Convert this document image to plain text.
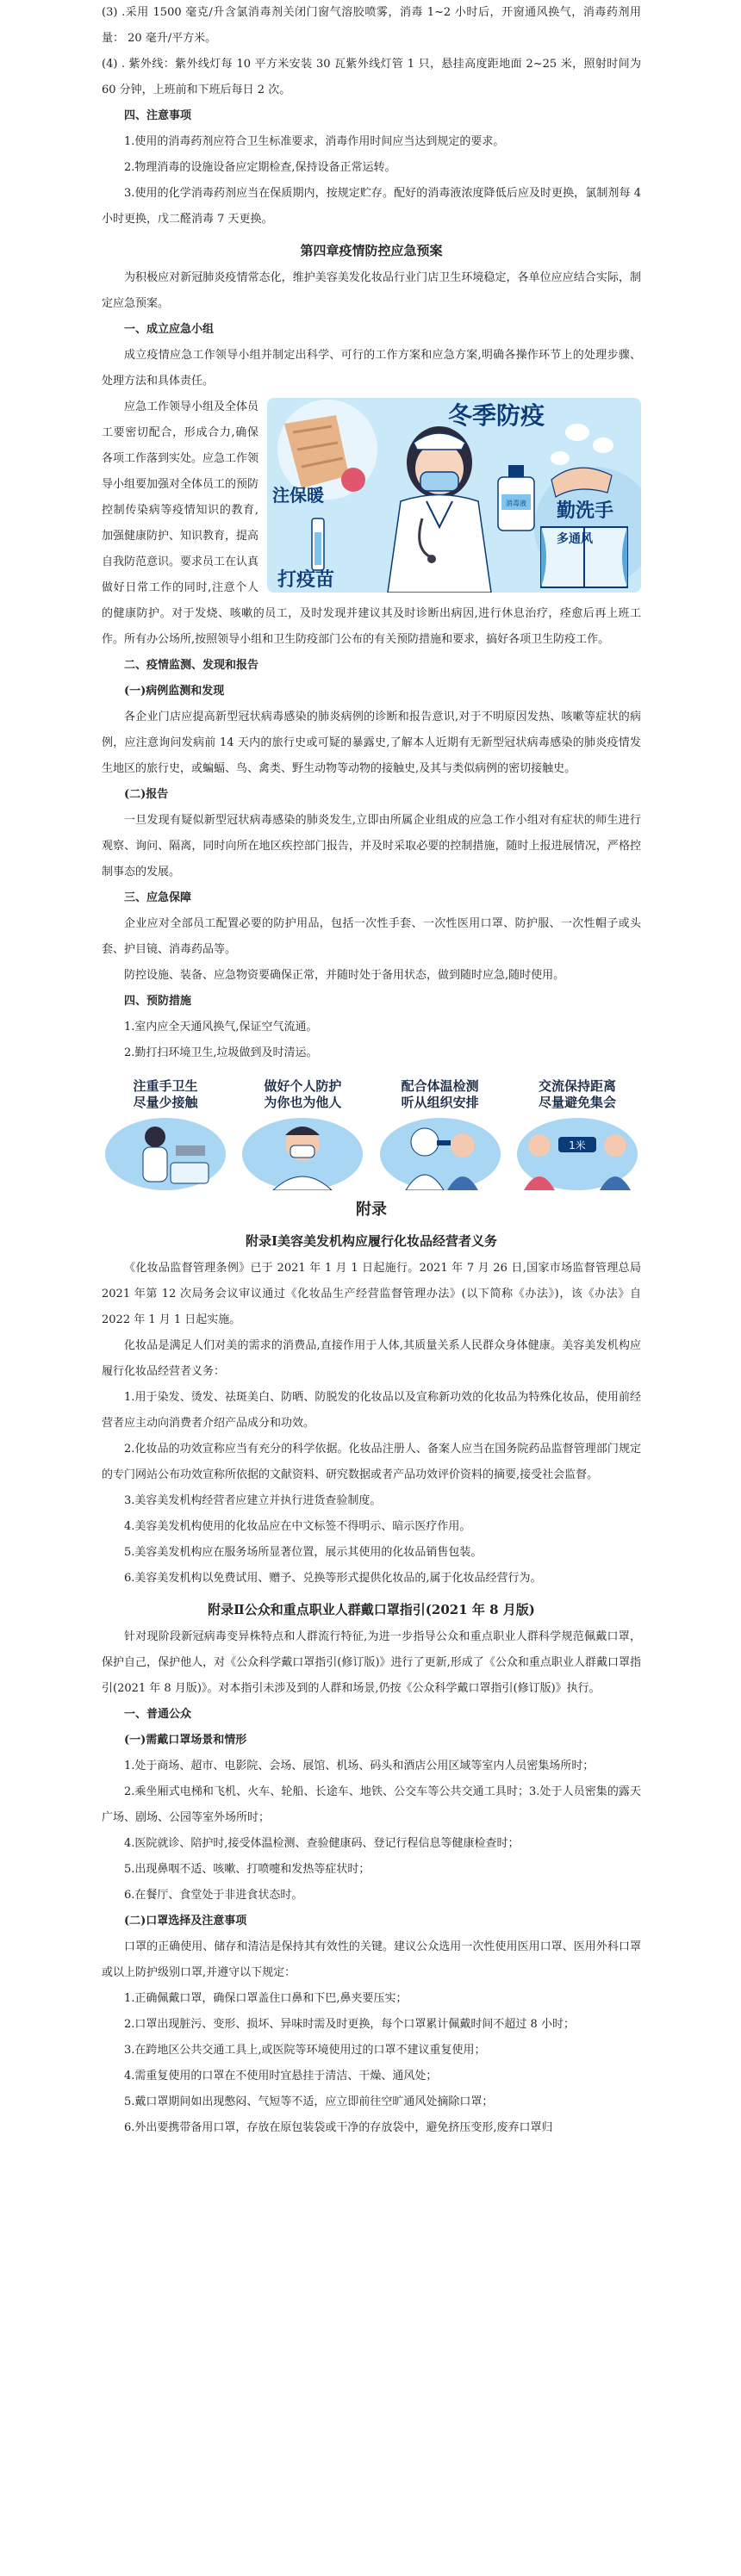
(3) .采用 1500 毫克/升含氯消毒剂关闭门窗气溶胶喷雾，消毒 1~2 小时后，开窗通风换气，消毒药剂用量： 20 毫升/平方米。

(4) . 紫外线：紫外线灯每 10 平方米安装 30 瓦紫外线灯管 1 只，悬挂高度距地面 2~25 米，照射时间为 60 分钟，上班前和下班后每日 2 次。

四、注意事项

1.使用的消毒药剂应符合卫生标准要求，消毒作用时间应当达到规定的要求。

2.物理消毒的设施设备应定期检查,保持设备正常运转。

3.使用的化学消毒药剂应当在保质期内，按规定贮存。配好的消毒液浓度降低后应及时更换，氯制剂每 4 小时更换，戊二醛消毒 7 天更换。

第四章疫情防控应急预案

为积极应对新冠肺炎疫情常态化，维护美容美发化妆品行业门店卫生环境稳定，各单位应应结合实际，制定应急预案。

一、成立应急小组

成立疫情应急工作领导小组并制定出科学、可行的工作方案和应急方案,明确各操作环节上的处理步骤、处理方法和具体责任。

消毒液
冬季防疫
注保暖
勤洗手
多通风
打疫苗

应急工作领导小组及全体员工要密切配合，形成合力,确保各项工作落到实处。应急工作领导小组要加强对全体员工的预防控制传染病等疫情知识的教育,加强健康防护、知识教育，提高自我防范意识。要求员工在认真做好日常工作的同时,注意个人的健康防护。对于发烧、咳嗽的员工，及时发现并建议其及时诊断出病因,进行休息治疗，痊愈后再上班工作。所有办公场所,按照领导小组和卫生防疫部门公布的有关预防措施和要求，搞好各项卫生防疫工作。

二、疫情监测、发现和报告

(一)病例监测和发现

各企业门店应提高新型冠状病毒感染的肺炎病例的诊断和报告意识,对于不明原因发热、咳嗽等症状的病例，应注意询问发病前 14 天内的旅行史或可疑的暴露史,了解本人近期有无新型冠状病毒感染的肺炎疫情发生地区的旅行史，或蝙蝠、鸟、禽类、野生动物等动物的接触史,及其与类似病例的密切接触史。

(二)报告

一旦发现有疑似新型冠状病毒感染的肺炎发生,立即由所属企业组成的应急工作小组对有症状的师生进行观察、询问、隔离，同时向所在地区疾控部门报告，并及时采取必要的控制措施，随时上报进展情况，严格控制事态的发展。

三、应急保障

企业应对全部员工配置必要的防护用品，包括一次性手套、一次性医用口罩、防护服、一次性帽子或头套、护目镜、消毒药品等。

防控设施、装备、应急物资要确保正常，并随时处于备用状态，做到随时应急,随时使用。

四、预防措施

1.室内应全天通风换气,保证空气流通。

2.勤打扫环境卫生,垃圾做到及时清运。

注重手卫生
尽量少接触
做好个人防护
为你也为他人
配合体温检测
听从组织安排
交流保持距离
尽量避免集会
1米

附录

附录Ⅰ美容美发机构应履行化妆品经营者义务

《化妆品监督管理条例》已于 2021 年 1 月 1 日起施行。2021 年 7 月 26 日,国家市场监督管理总局 2021 年第 12 次局务会议审议通过《化妆品生产经营监督管理办法》(以下简称《办法》)，该《办法》自 2022 年 1 月 1 日起实施。

化妆品是满足人们对美的需求的消费品,直接作用于人体,其质量关系人民群众身体健康。美容美发机构应履行化妆品经营者义务：

1.用于染发、烫发、祛斑美白、防晒、防脱发的化妆品以及宣称新功效的化妆品为特殊化妆品，使用前经营者应主动向消费者介绍产品成分和功效。

2.化妆品的功效宣称应当有充分的科学依据。化妆品注册人、备案人应当在国务院药品监督管理部门规定的专门网站公布功效宣称所依据的文献资料、研究数据或者产品功效评价资料的摘要,接受社会监督。

3.美容美发机构经营者应建立并执行进货查验制度。

4.美容美发机构使用的化妆品应在中文标签不得明示、暗示医疗作用。

5.美容美发机构应在服务场所显著位置，展示其使用的化妆品销售包装。

6.美容美发机构以免费试用、赠予、兑换等形式提供化妆品的,属于化妆品经营行为。

附录Ⅱ公众和重点职业人群戴口罩指引(2021 年 8 月版)

针对现阶段新冠病毒变异株特点和人群流行特征,为进一步指导公众和重点职业人群科学规范佩戴口罩，保护自己，保护他人，对《公众科学戴口罩指引(修订版)》进行了更新,形成了《公众和重点职业人群戴口罩指引(2021 年 8 月版)》。对本指引未涉及到的人群和场景,仍按《公众科学戴口罩指引(修订版)》执行。

一、普通公众

(一)需戴口罩场景和情形

1.处于商场、超市、电影院、会场、展馆、机场、码头和酒店公用区域等室内人员密集场所时；

2.乘坐厢式电梯和飞机、火车、轮船、长途车、地铁、公交车等公共交通工具时；3.处于人员密集的露天广场、剧场、公园等室外场所时；

4.医院就诊、陪护时,接受体温检测、查验健康码、登记行程信息等健康检查时；

5.出现鼻咽不适、咳嗽、打喷嚏和发热等症状时；

6.在餐厅、食堂处于非进食状态时。

(二)口罩选择及注意事项

口罩的正确使用、储存和清洁是保持其有效性的关键。建议公众选用一次性使用医用口罩、医用外科口罩或以上防护级别口罩,并遵守以下规定：

1.正确佩戴口罩，确保口罩盖住口鼻和下巴,鼻夹要压实；

2.口罩出现脏污、变形、损坏、异味时需及时更换，每个口罩累计佩戴时间不超过 8 小时；

3.在跨地区公共交通工具上,或医院等环境使用过的口罩不建议重复使用；

4.需重复使用的口罩在不使用时宜悬挂于清洁、干燥、通风处；

5.戴口罩期间如出现憋闷、气短等不适，应立即前往空旷通风处摘除口罩；

6.外出要携带备用口罩，存放在原包装袋或干净的存放袋中，避免挤压变形,废弃口罩归
